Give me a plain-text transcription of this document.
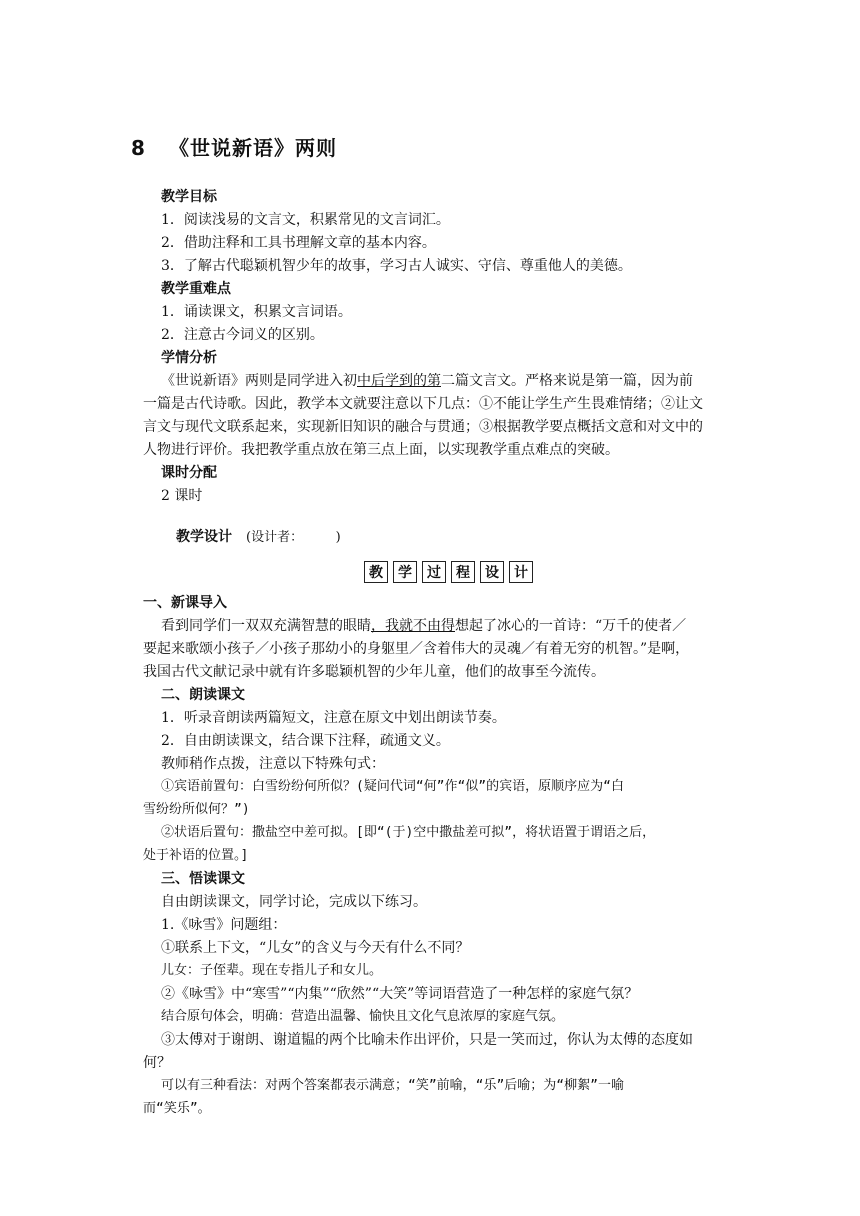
8 《世说新语》两则
教学目标
1．阅读浅易的文言文，积累常见的文言词汇。
2．借助注释和工具书理解文章的基本内容。
3．了解古代聪颖机智少年的故事，学习古人诚实、守信、尊重他人的美德。
教学重难点
1．诵读课文，积累文言词语。
2．注意古今词义的区别。
学情分析
《世说新语》两则是同学进入初中后学到的第二篇文言文。严格来说是第一篇，因为前
一篇是古代诗歌。因此，教学本文就要注意以下几点：①不能让学生产生畏难情绪；②让文
言文与现代文联系起来，实现新旧知识的融合与贯通；③根据教学要点概括文意和对文中的
人物进行评价。我把教学重点放在第三点上面，以实现教学重点难点的突破。
课时分配
2 课时
教学设计 (设计者：　　　)
教	学	过	程	设	计
一、新课导入
看到同学们一双双充满智慧的眼睛，我就不由得想起了冰心的一首诗：“万千的使者／
要起来歌颂小孩子／小孩子那幼小的身躯里／含着伟大的灵魂／有着无穷的机智。”是啊，
我国古代文献记录中就有许多聪颖机智的少年儿童，他们的故事至今流传。
二、朗读课文
1．听录音朗读两篇短文，注意在原文中划出朗读节奏。
2．自由朗读课文，结合课下注释，疏通文义。
教师稍作点拨，注意以下特殊句式：
①宾语前置句：白雪纷纷何所似？(疑问代词“何”作“似”的宾语，原顺序应为“白
雪纷纷所似何？”)
②状语后置句：撒盐空中差可拟。[即“(于)空中撒盐差可拟”，将状语置于谓语之后，
处于补语的位置。]
三、悟读课文
自由朗读课文，同学讨论，完成以下练习。
1.《咏雪》问题组：
①联系上下文，“儿女”的含义与今天有什么不同？
儿女：子侄辈。现在专指儿子和女儿。
②《咏雪》中“寒雪”“内集”“欣然”“大笑”等词语营造了一种怎样的家庭气氛？
结合原句体会，明确：营造出温馨、愉快且文化气息浓厚的家庭气氛。
③太傅对于谢朗、谢道韫的两个比喻未作出评价，只是一笑而过，你认为太傅的态度如
何？
可以有三种看法：对两个答案都表示满意；“笑”前喻，“乐”后喻；为“柳絮”一喻
而“笑乐”。
